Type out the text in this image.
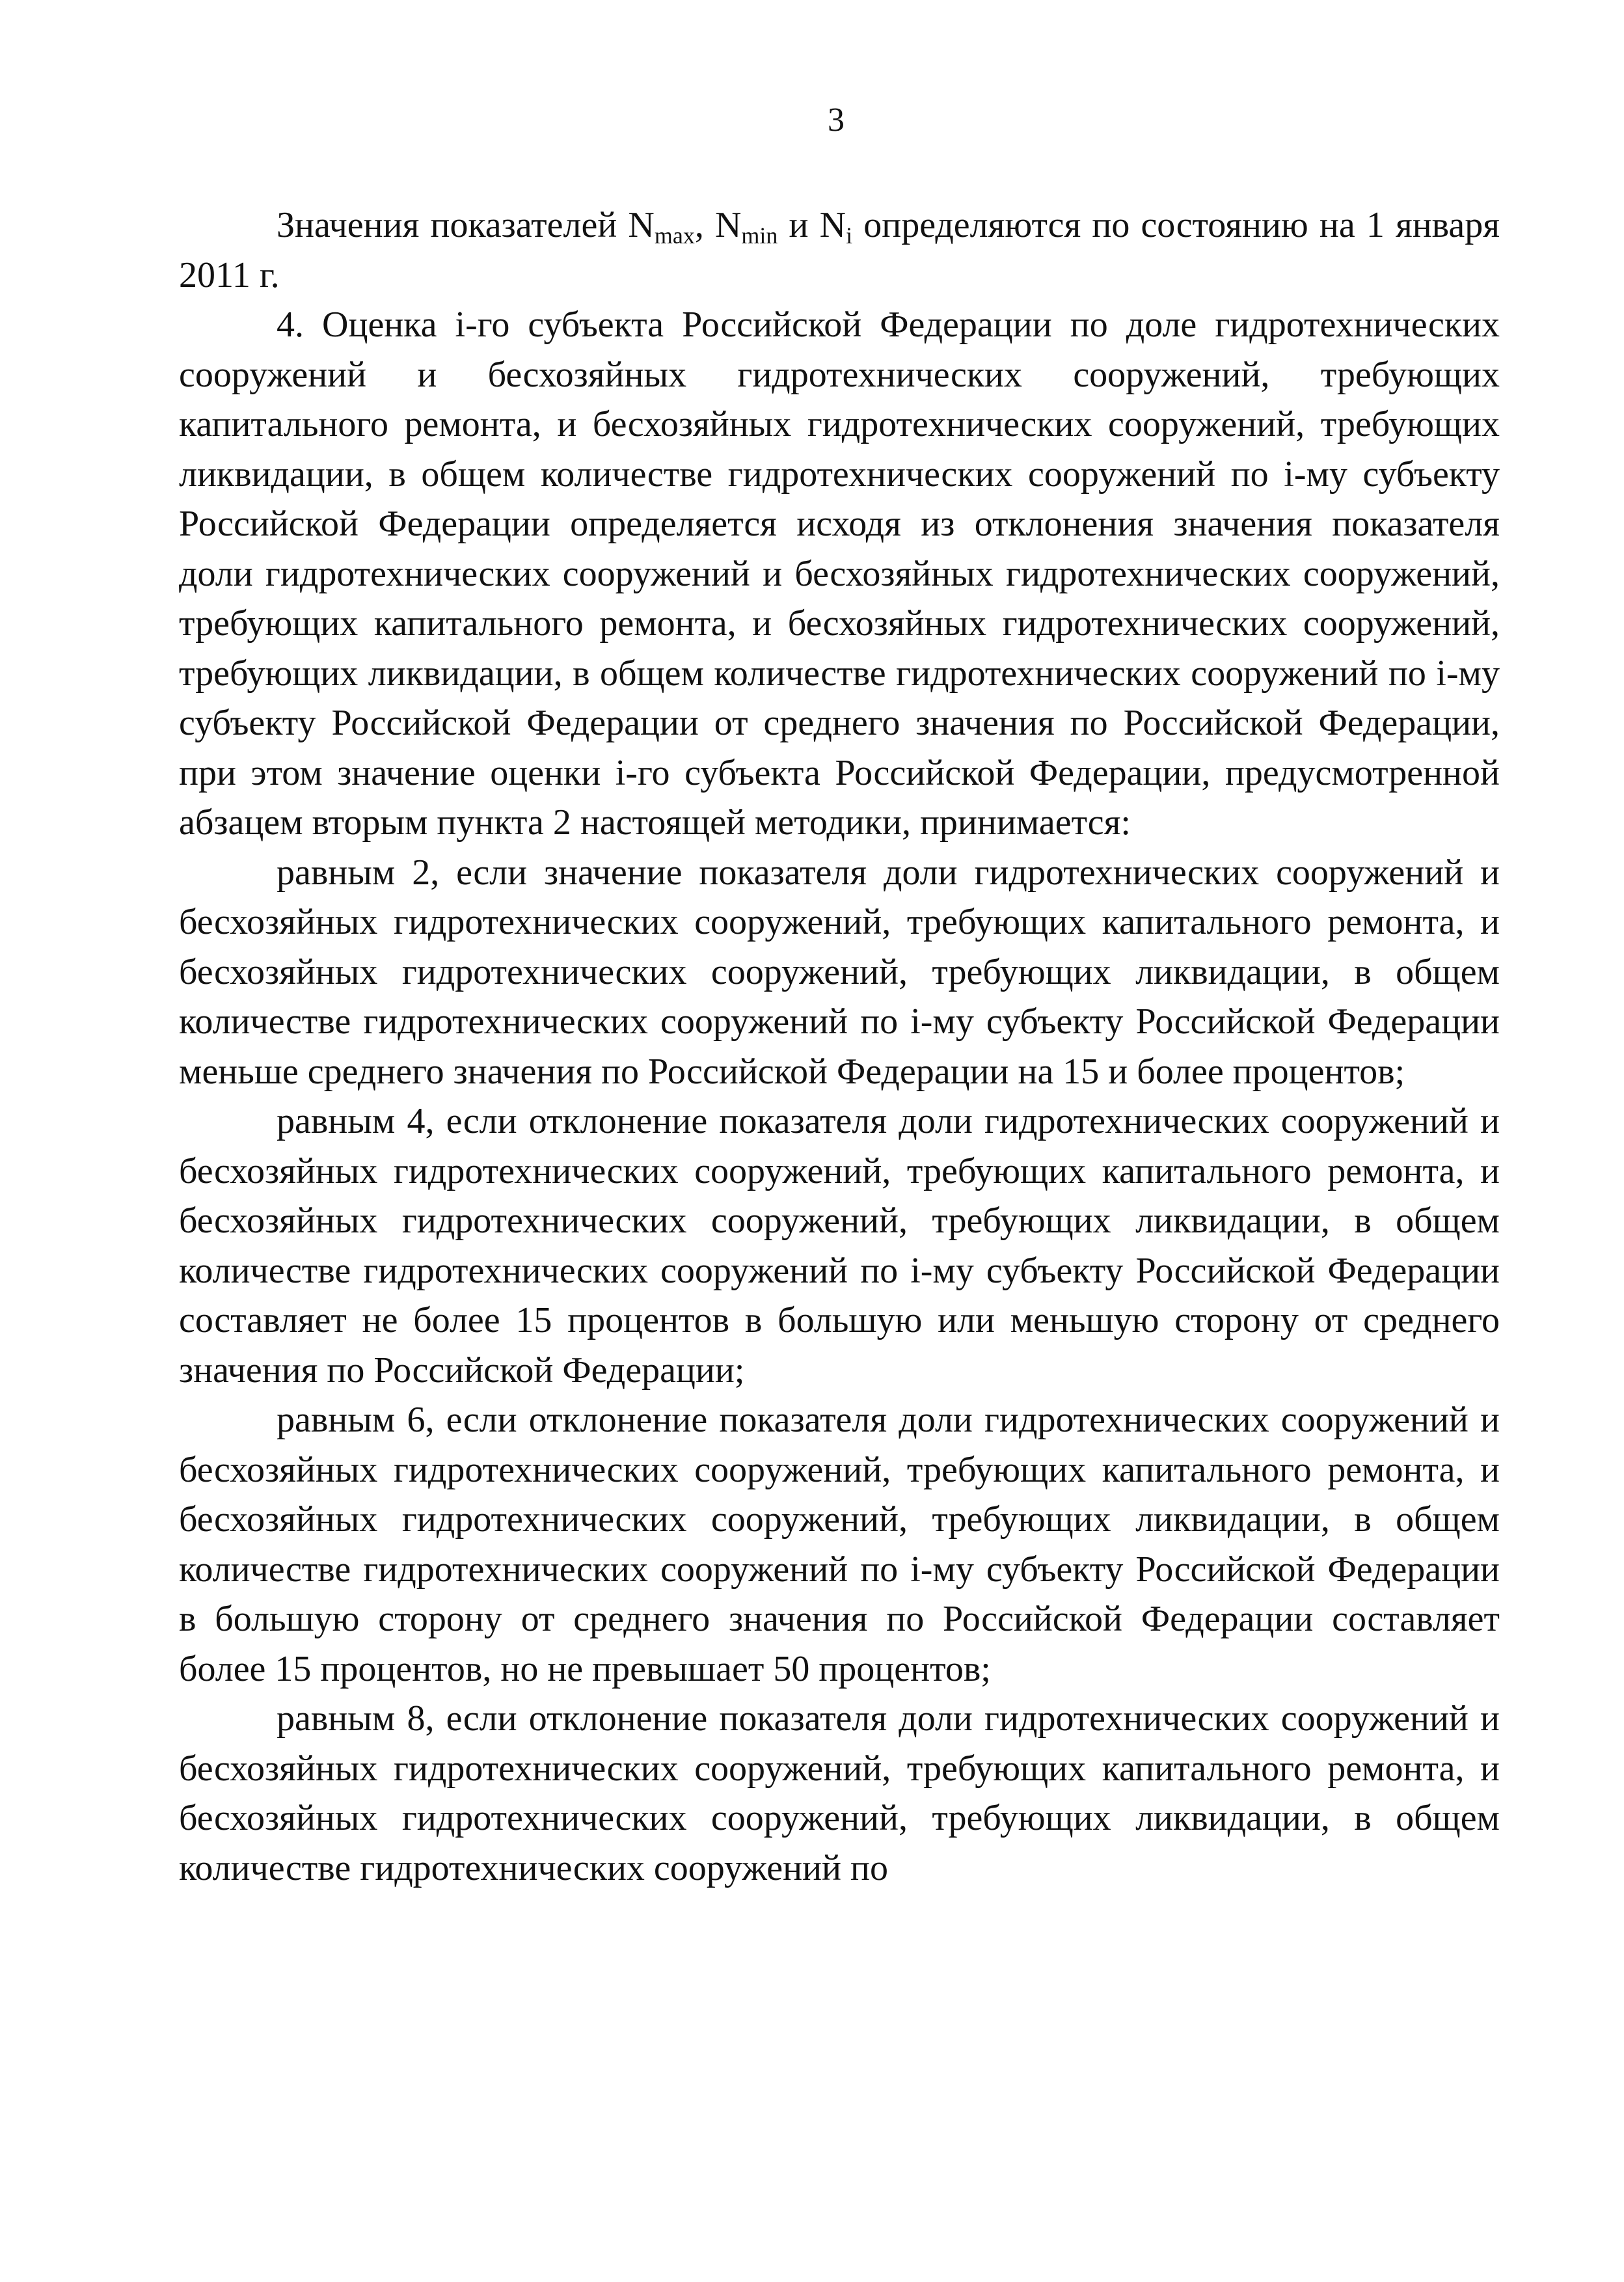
3

Значения показателей $N_{max}$, $N_{min}$ и $N_i$ определяются по состоянию на 1 января 2011 г.

4. Оценка i-го субъекта Российской Федерации по доле гидротехнических сооружений и бесхозяйных гидротехнических сооружений, требующих капитального ремонта, и бесхозяйных гидротехнических сооружений, требующих ликвидации, в общем количестве гидротехнических сооружений по i-му субъекту Российской Федерации определяется исходя из отклонения значения показателя доли гидротехнических сооружений и бесхозяйных гидротехнических сооружений, требующих капитального ремонта, и бесхозяйных гидротехнических сооружений, требующих ликвидации, в общем количестве гидротехнических сооружений по i-му субъекту Российской Федерации от среднего значения по Российской Федерации, при этом значение оценки i-го субъекта Российской Федерации, предусмотренной абзацем вторым пункта 2 настоящей методики, принимается:

равным 2, если значение показателя доли гидротехнических сооружений и бесхозяйных гидротехнических сооружений, требующих капитального ремонта, и бесхозяйных гидротехнических сооружений, требующих ликвидации, в общем количестве гидротехнических сооружений по i-му субъекту Российской Федерации меньше среднего значения по Российской Федерации на 15 и более процентов;

равным 4, если отклонение показателя доли гидротехнических сооружений и бесхозяйных гидротехнических сооружений, требующих капитального ремонта, и бесхозяйных гидротехнических сооружений, требующих ликвидации, в общем количестве гидротехнических сооружений по i-му субъекту Российской Федерации составляет не более 15 процентов в большую или меньшую сторону от среднего значения по Российской Федерации;

равным 6, если отклонение показателя доли гидротехнических сооружений и бесхозяйных гидротехнических сооружений, требующих капитального ремонта, и бесхозяйных гидротехнических сооружений, требующих ликвидации, в общем количестве гидротехнических сооружений по i-му субъекту Российской Федерации в большую сторону от среднего значения по Российской Федерации составляет более 15 процентов, но не превышает 50 процентов;

равным 8, если отклонение показателя доли гидротехнических сооружений и бесхозяйных гидротехнических сооружений, требующих капитального ремонта, и бесхозяйных гидротехнических сооружений, требующих ликвидации, в общем количестве гидротехнических сооружений по
